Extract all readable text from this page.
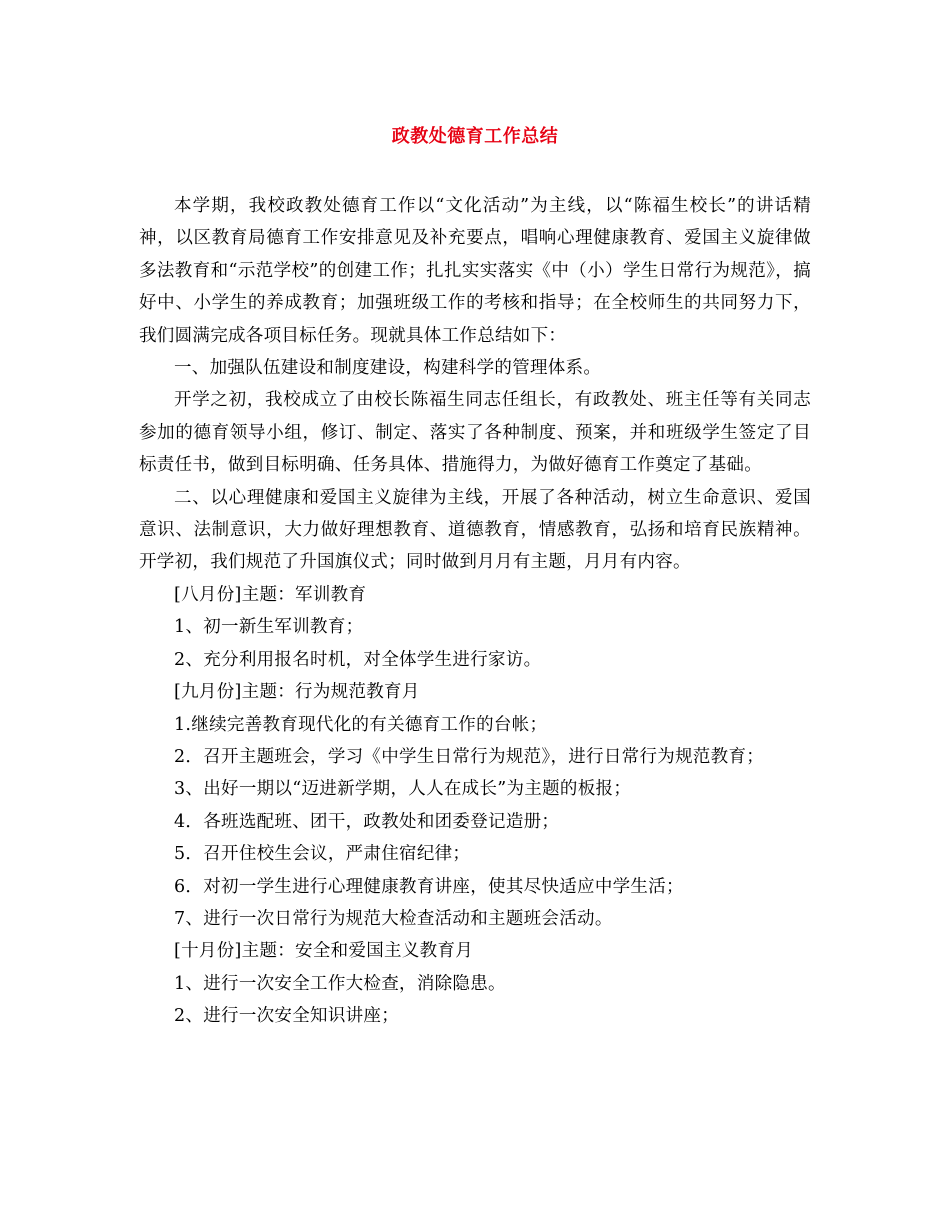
政教处德育工作总结

本学期，我校政教处德育工作以“文化活动”为主线，以“陈福生校长”的讲话精神，以区教育局德育工作安排意见及补充要点，唱响心理健康教育、爱国主义旋律做多法教育和“示范学校”的创建工作；扎扎实实落实《中（小）学生日常行为规范》，搞好中、小学生的养成教育；加强班级工作的考核和指导；在全校师生的共同努力下，我们圆满完成各项目标任务。现就具体工作总结如下：

一、加强队伍建设和制度建设，构建科学的管理体系。

开学之初，我校成立了由校长陈福生同志任组长，有政教处、班主任等有关同志参加的德育领导小组，修订、制定、落实了各种制度、预案，并和班级学生签定了目标责任书，做到目标明确、任务具体、措施得力，为做好德育工作奠定了基础。

二、以心理健康和爱国主义旋律为主线，开展了各种活动，树立生命意识、爱国意识、法制意识，大力做好理想教育、道德教育，情感教育，弘扬和培育民族精神。开学初，我们规范了升国旗仪式；同时做到月月有主题，月月有内容。

[八月份]主题：军训教育

1、初一新生军训教育；

2、充分利用报名时机，对全体学生进行家访。

[九月份]主题：行为规范教育月

1.继续完善教育现代化的有关德育工作的台帐；

2．召开主题班会，学习《中学生日常行为规范》，进行日常行为规范教育；

3、出好一期以“迈进新学期，人人在成长”为主题的板报；

4．各班选配班、团干，政教处和团委登记造册；

5．召开住校生会议，严肃住宿纪律；

6．对初一学生进行心理健康教育讲座，使其尽快适应中学生活；

7、进行一次日常行为规范大检查活动和主题班会活动。

[十月份]主题：安全和爱国主义教育月

1、进行一次安全工作大检查，消除隐患。

2、进行一次安全知识讲座；
